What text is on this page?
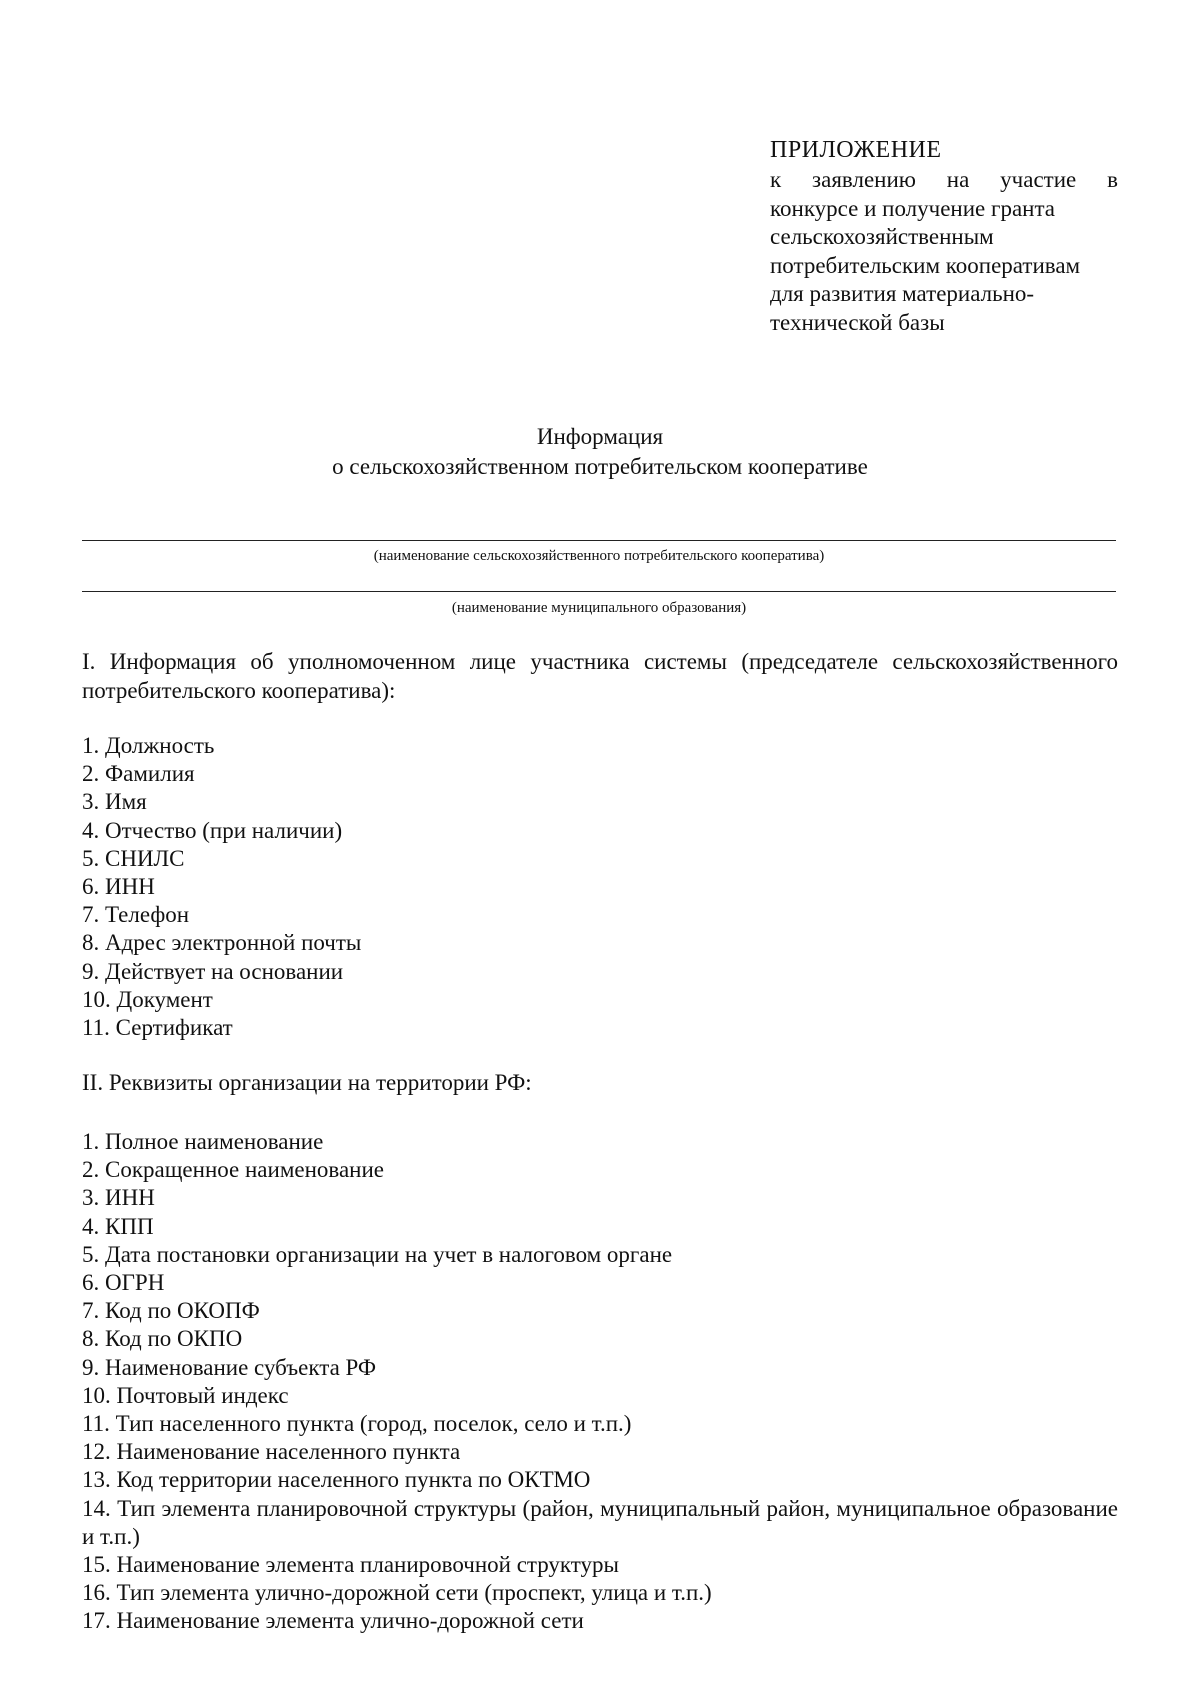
ПРИЛОЖЕНИЕ
к заявлению на участие в
конкурсе и получение гранта
сельскохозяйственным
потребительским кооперативам
для развития материально-
технической базы
Информация
о сельскохозяйственном потребительском кооперативе
(наименование сельскохозяйственного потребительского кооператива)
(наименование муниципального образования)
I. Информация об уполномоченном лице участника системы (председателе сельскохозяйственного потребительского кооператива):
1. Должность
2. Фамилия
3. Имя
4. Отчество (при наличии)
5. СНИЛС
6. ИНН
7. Телефон
8. Адрес электронной почты
9. Действует на основании
10. Документ
11. Сертификат
II. Реквизиты организации на территории РФ:
1. Полное наименование
2. Сокращенное наименование
3. ИНН
4. КПП
5. Дата постановки организации на учет в налоговом органе
6. ОГРН
7. Код по ОКОПФ
8. Код по ОКПО
9. Наименование субъекта РФ
10. Почтовый индекс
11. Тип населенного пункта (город, поселок, село и т.п.)
12. Наименование населенного пункта
13. Код территории населенного пункта по ОКТМО
14. Тип элемента планировочной структуры (район, муниципальный район, муниципальное образование и т.п.)
15. Наименование элемента планировочной структуры
16. Тип элемента улично-дорожной сети (проспект, улица и т.п.)
17. Наименование элемента улично-дорожной сети
